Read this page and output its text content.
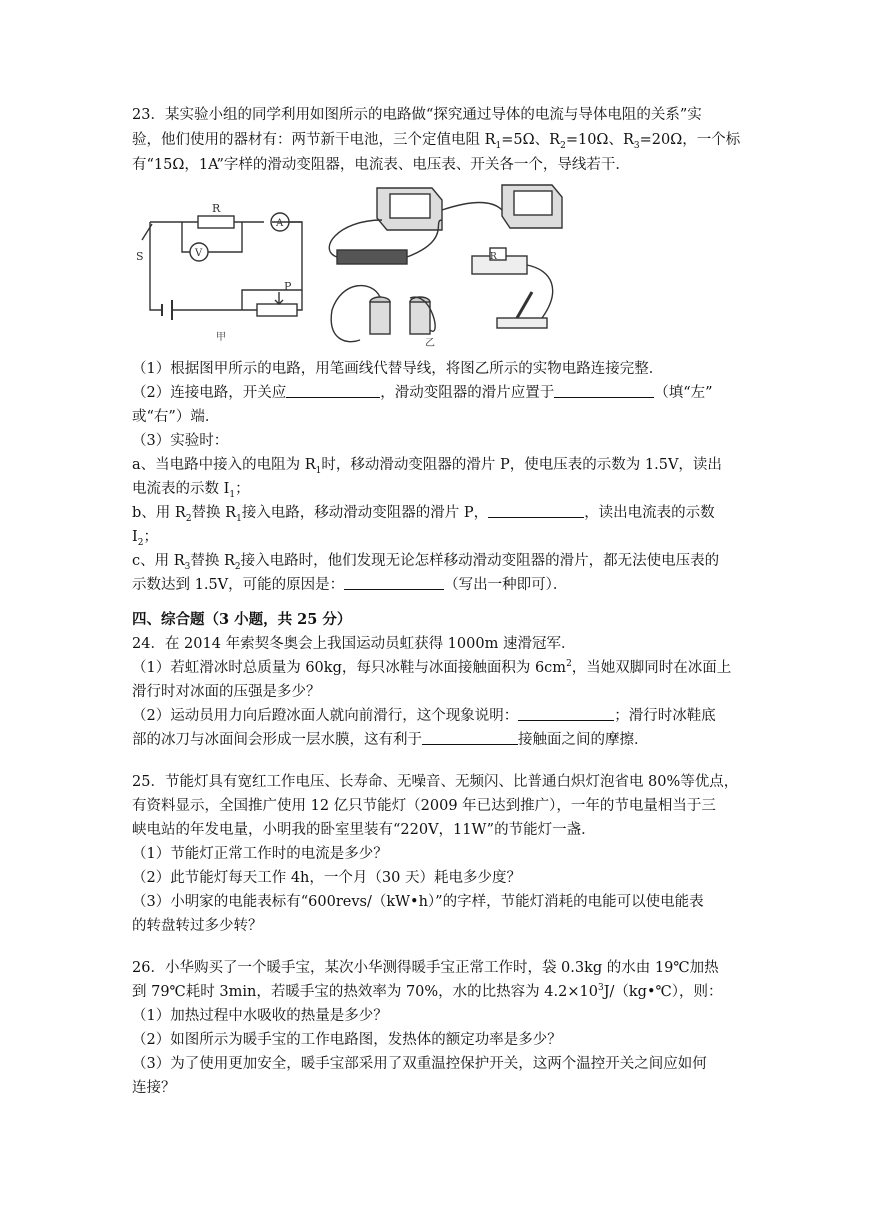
23．某实验小组的同学利用如图所示的电路做“探究通过导体的电流与导体电阻的关系”实
验，他们使用的器材有：两节新干电池，三个定值电阻 $R_1=5\Omega$、$R_2=10\Omega$、$R_3=20\Omega$，一个标
有“15Ω，1A”字样的滑动变阻器，电流表、电压表、开关各一个，导线若干．
R
A
V
S
P
甲
R
乙
（1）根据图甲所示的电路，用笔画线代替导线，将图乙所示的实物电路连接完整．
（2）连接电路，开关应	，滑动变阻器的滑片应置于	（填“左”
或“右”）端．
（3）实验时：
a、当电路中接入的电阻为 $R_1$时，移动滑动变阻器的滑片 P，使电压表的示数为 1.5V，读出
电流表的示数 $I_1$；
b、用 $R_2$替换 $R_1$接入电路，移动滑动变阻器的滑片 P，	，读出电流表的示数
$I_2$；
c、用 $R_3$替换 $R_2$接入电路时，他们发现无论怎样移动滑动变阻器的滑片，都无法使电压表的
示数达到 1.5V，可能的原因是：	（写出一种即可）．
四、综合题（3 小题，共 25 分）
24．在 2014 年索契冬奥会上我国运动员虹获得 1000m 速滑冠军．
（1）若虹滑冰时总质量为 60kg，每只冰鞋与冰面接触面积为 $6cm^2$，当她双脚同时在冰面上
滑行时对冰面的压强是多少？
（2）运动员用力向后蹬冰面人就向前滑行，这个现象说明：	；滑行时冰鞋底
部的冰刀与冰面间会形成一层水膜，这有利于	接触面之间的摩擦．
25．节能灯具有宽红工作电压、长寿命、无噪音、无频闪、比普通白炽灯泡省电 80%等优点，
有资料显示，全国推广使用 12 亿只节能灯（2009 年已达到推广），一年的节电量相当于三
峡电站的年发电量，小明我的卧室里装有“220V，11W”的节能灯一盏．
（1）节能灯正常工作时的电流是多少？
（2）此节能灯每天工作 4h，一个月（30 天）耗电多少度？
（3）小明家的电能表标有“600revs/（kW•h）”的字样，节能灯消耗的电能可以使电能表
的转盘转过多少转？
26．小华购买了一个暖手宝，某次小华测得暖手宝正常工作时，袋 0.3kg 的水由 19℃加热
到 79℃耗时 3min，若暖手宝的热效率为 70%，水的比热容为 $4.2\times 10^3J/(kg•℃)$，则：
（1）加热过程中水吸收的热量是多少？
（2）如图所示为暖手宝的工作电路图，发热体的额定功率是多少？
（3）为了使用更加安全，暖手宝部采用了双重温控保护开关，这两个温控开关之间应如何
连接？
